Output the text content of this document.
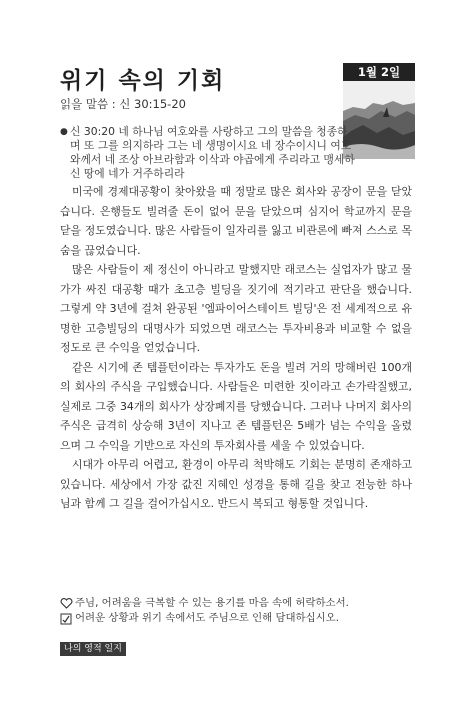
위기 속의 기회
읽을 말씀 : 신 30:15-20
1월 2일
● 신 30:20 네 하나님 여호와를 사랑하고 그의 말씀을 청종하며 또 그를 의지하라 그는 네 생명이시요 네 장수이시니 여호와께서 네 조상 아브라함과 이삭과 야곱에게 주리라고 맹세하신 땅에 네가 거주하리라

미국에 경제대공황이 찾아왔을 때 정말로 많은 회사와 공장이 문을 닫았습니다. 은행들도 빌려줄 돈이 없어 문을 닫았으며 심지어 학교까지 문을 닫을 정도였습니다. 많은 사람들이 일자리를 잃고 비관론에 빠져 스스로 목숨을 끊었습니다.

많은 사람들이 제 정신이 아니라고 말했지만 래코스는 실업자가 많고 물가가 싸진 대공황 때가 초고층 빌딩을 짓기에 적기라고 판단을 했습니다. 그렇게 약 3년에 걸쳐 완공된 '엠파이어스테이트 빌딩'은 전 세계적으로 유명한 고층빌딩의 대명사가 되었으면 래코스는 투자비용과 비교할 수 없을 정도로 큰 수익을 얻었습니다.

같은 시기에 존 템플턴이라는 투자가도 돈을 빌려 거의 망해버린 100개의 회사의 주식을 구입했습니다. 사람들은 미련한 짓이라고 손가락질했고, 실제로 그중 34개의 회사가 상장폐지를 당했습니다. 그러나 나머지 회사의 주식은 급격히 상승해 3년이 지나고 존 템플턴은 5배가 넘는 수익을 올렸으며 그 수익을 기반으로 자신의 투자회사를 세울 수 있었습니다.

시대가 아무리 어렵고, 환경이 아무리 척박해도 기회는 분명히 존재하고 있습니다. 세상에서 가장 값진 지혜인 성경을 통해 길을 찾고 전능한 하나님과 함께 그 길을 걸어가십시오. 반드시 복되고 형통할 것입니다.

주님, 어려움을 극복할 수 있는 용기를 마음 속에 허락하소서.
어려운 상황과 위기 속에서도 주님으로 인해 담대하십시오.
나의 영적 일지
